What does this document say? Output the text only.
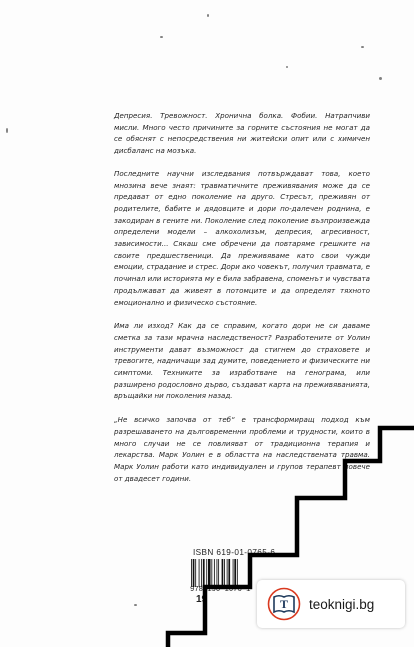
Депресия. Тревожност. Хронична болка. Фобии. Натрапчиви мисли. Много често причините за горните състояния не могат да се обяснят с непосредствения ни житейски опит или с химичен дисбаланс на мозъка.

Последните научни изследвания потвърждават това, което мнозина вече знаят: травматичните преживявания може да се предават от едно поколение на друго. Стресът, преживян от родителите, бабите и дядовците и дори по-далечен роднина, е закодиран в гените ни. Поколение след поколение възпроизвежда определени модели – алкохолизъм, депресия, агресивност, зависимости... Сякаш сме обречени да повтаряме грешките на своите предшественици. Да преживяваме като свои чужди емоции, страдание и стрес. Дори ако човекът, получил травмата, е починал или историята му е била забравена, споменът и чувствата продължават да живеят в потомците и да определят тяхното емоционално и физическо състояние.

Има ли изход? Как да се справим, когато дори не си даваме сметка за тази мрачна наследственост? Разработените от Уолин инструменти дават възможност да стигнем до страховете и тревогите, надничащи зад думите, поведението и физическите ни симптоми. Техниките за изработване на генограма, или разширено родословно дърво, създават карта на преживяванията, връщайки ни поколения назад.

„Не всичко започва от теб“ е трансформиращ подход към разрешаването на дълговременни проблеми и трудности, които в много случаи не се повлияват от традиционна терапия и лекарства. Марк Уолин е в областта на наследствената травма. Марк Уолин работи като индивидуален и групов терапевт повече от двадесет години.

ISBN 619-01-0765-6
9786190 1076 1
19	T teoknigi.bg
